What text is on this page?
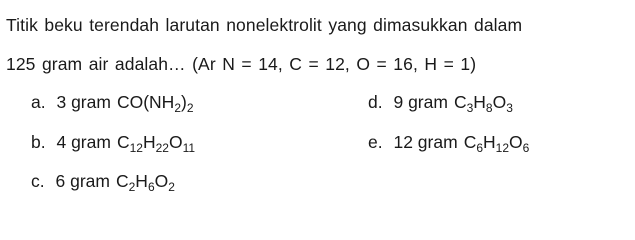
Titik beku terendah larutan nonelektrolit yang dimasukkan dalam
125 gram air adalah… (Ar N = 14, C = 12, O = 16, H = 1)
a. 3 gram $CO(NH_2)_2$
b. 4 gram $C_{12}H_{22}O_{11}$
c. 6 gram $C_2H_6O_2$
d. 9 gram $C_3H_8O_3$
e. 12 gram $C_6H_{12}O_6$
